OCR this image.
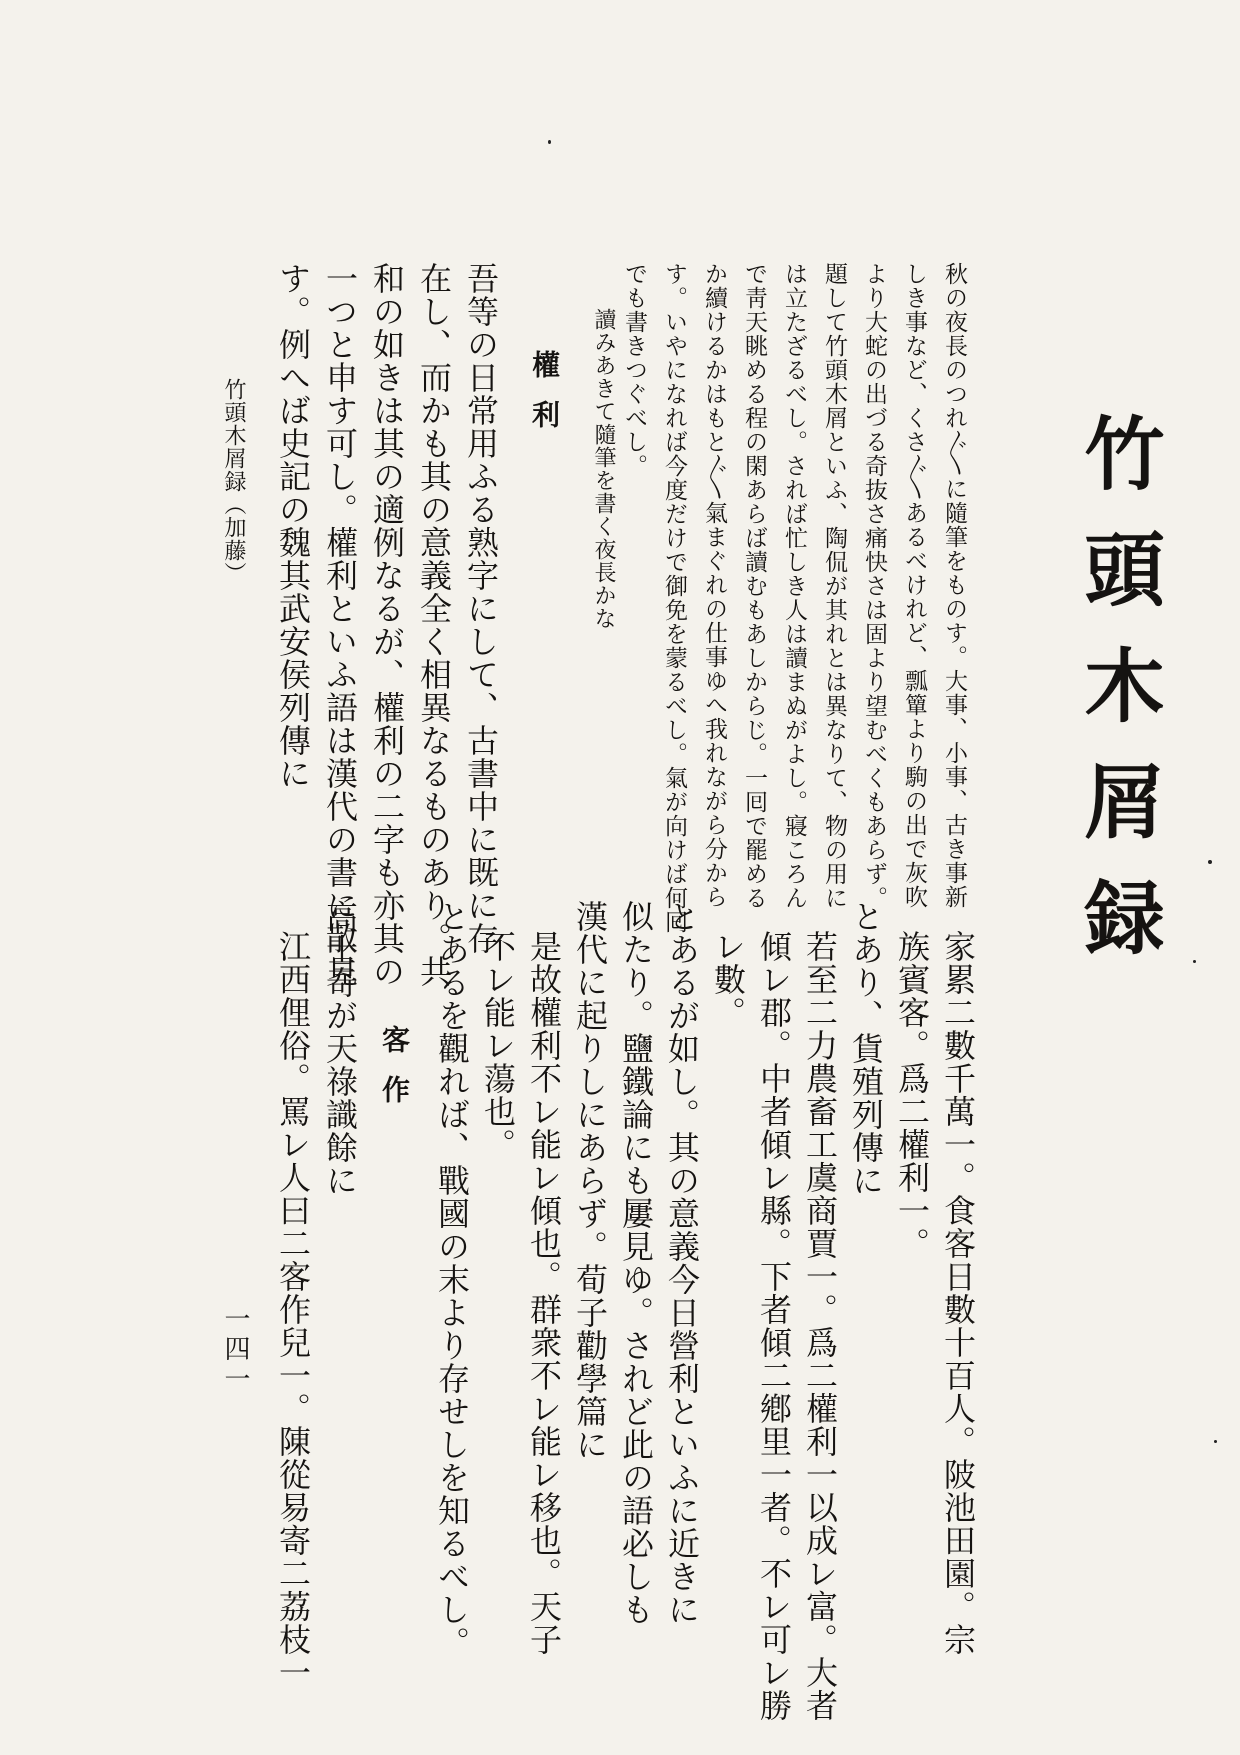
竹頭木屑録
秋の夜長のつれ〲に隨筆をものす。大事、小事、古き事新
しき事など、くさ〲あるべけれど、瓢簞より駒の出で灰吹
より大蛇の出づる奇抜さ痛快さは固より望むべくもあらず。
題して竹頭木屑といふ、陶侃が其れとは異なりて、物の用に
は立たざるべし。されば忙しき人は讀まぬがよし。寢ころん
で靑天眺める程の閑あらば讀むもあしからじ。一囘で罷める
か續けるかはもと〲氣まぐれの仕事ゆへ我れながら分から
す。いやになれば今度だけで御免を蒙るべし。氣が向けば何囘
でも書きつぐべし。
讀みあきて隨筆を書く夜長かな
權利
吾等の日常用ふる熟字にして、古書中に既に存
在し、而かも其の意義全く相異なるものあり。共
和の如きは其の適例なるが、權利の二字も亦其の
一つと申す可し。權利といふ語は漢代の書に散見
す。例へば史記の魏其武安侯列傳に
竹頭木屑録（加藤）
家累二數千萬一。食客日數十百人。陂池田園。宗
族賓客。爲二權利一。
とあり、貨殖列傳に
若至二力農畜工虞商賈一。爲二權利一以成レ富。大者
傾レ郡。中者傾レ縣。下者傾二鄕里一者。不レ可レ勝
レ數。
とあるが如し。其の意義今日營利といふに近きに
似たり。鹽鐵論にも屢見ゆ。されど此の語必しも
漢代に起りしにあらず。荀子勸學篇に
是故權利不レ能レ傾也。群衆不レ能レ移也。天子
不レ能レ蕩也。
とあるを觀れば、戰國の末より存せしを知るべし。
客作
高士奇が天祿識餘に
江西俚俗。罵レ人曰二客作兒一。陳從易寄二荔枝一
一四一
